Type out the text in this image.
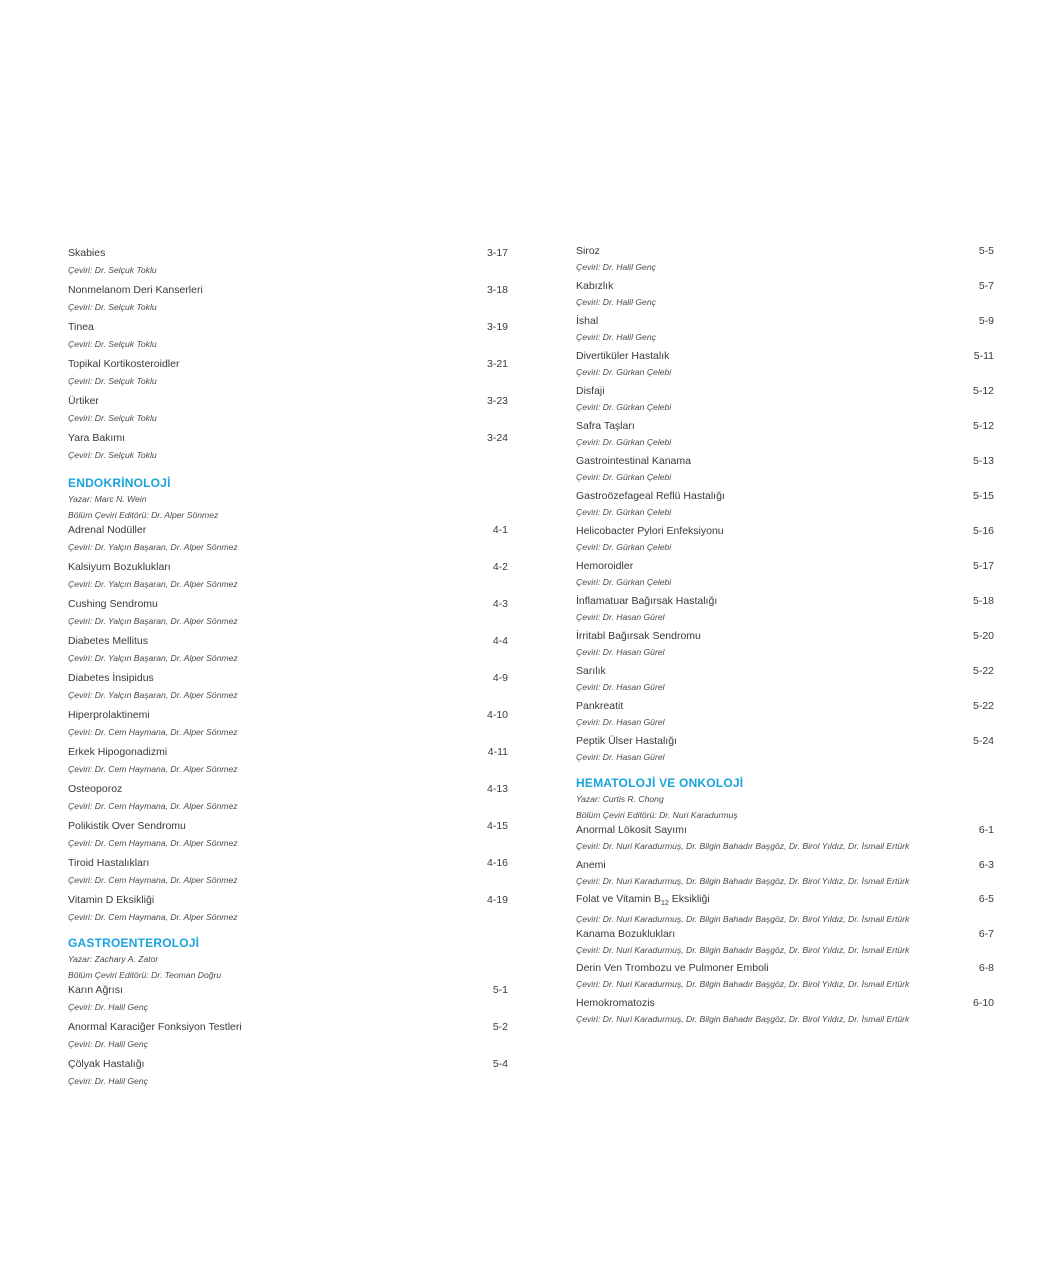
Skabies	3-17
Çeviri: Dr. Selçuk Toklu
Nonmelanom Deri Kanserleri	3-18
Çeviri: Dr. Selçuk Toklu
Tinea	3-19
Çeviri: Dr. Selçuk Toklu
Topikal Kortikosteroidler	3-21
Çeviri: Dr. Selçuk Toklu
Ürtiker	3-23
Çeviri: Dr. Selçuk Toklu
Yara Bakımı	3-24
Çeviri: Dr. Selçuk Toklu
ENDOKRİNOLOJİ
Yazar: Marc N. Wein
Bölüm Çeviri Editörü: Dr. Alper Sönmez
Adrenal Nodüller	4-1
Çeviri: Dr. Yalçın Başaran, Dr. Alper Sönmez
Kalsiyum Bozuklukları	4-2
Çeviri: Dr. Yalçın Başaran, Dr. Alper Sönmez
Cushing Sendromu	4-3
Çeviri: Dr. Yalçın Başaran, Dr. Alper Sönmez
Diabetes Mellitus	4-4
Çeviri: Dr. Yalçın Başaran, Dr. Alper Sönmez
Diabetes İnsipidus	4-9
Çeviri: Dr. Yalçın Başaran, Dr. Alper Sönmez
Hiperprolaktinemi	4-10
Çeviri: Dr. Cem Haymana, Dr. Alper Sönmez
Erkek Hipogonadizmi	4-11
Çeviri: Dr. Cem Haymana, Dr. Alper Sönmez
Osteoporoz	4-13
Çeviri: Dr. Cem Haymana, Dr. Alper Sönmez
Polikistik Over Sendromu	4-15
Çeviri: Dr. Cem Haymana, Dr. Alper Sönmez
Tiroid Hastalıkları	4-16
Çeviri: Dr. Cem Haymana, Dr. Alper Sönmez
Vitamin D Eksikliği	4-19
Çeviri: Dr. Cem Haymana, Dr. Alper Sönmez
GASTROENTEROLOJİ
Yazar: Zachary A. Zator
Bölüm Çeviri Editörü: Dr. Teoman Doğru
Karın Ağrısı	5-1
Çeviri: Dr. Halil Genç
Anormal Karaciğer Fonksiyon Testleri	5-2
Çeviri: Dr. Halil Genç
Çölyak Hastalığı	5-4
Çeviri: Dr. Halil Genç
Siroz	5-5
Çeviri: Dr. Halil Genç
Kabızlık	5-7
Çeviri: Dr. Halil Genç
İshal	5-9
Çeviri: Dr. Halil Genç
Divertiküler Hastalık	5-11
Çeviri: Dr. Gürkan Çelebi
Disfaji	5-12
Çeviri: Dr. Gürkan Çelebi
Safra Taşları	5-12
Çeviri: Dr. Gürkan Çelebi
Gastrointestinal Kanama	5-13
Çeviri: Dr. Gürkan Çelebi
Gastroözefageal Reflü Hastalığı	5-15
Çeviri: Dr. Gürkan Çelebi
Helicobacter Pylori Enfeksiyonu	5-16
Çeviri: Dr. Gürkan Çelebi
Hemoroidler	5-17
Çeviri: Dr. Gürkan Çelebi
İnflamatuar Bağırsak Hastalığı	5-18
Çeviri: Dr. Hasan Gürel
İrritabl Bağırsak Sendromu	5-20
Çeviri: Dr. Hasan Gürel
Sarılık	5-22
Çeviri: Dr. Hasan Gürel
Pankreatit	5-22
Çeviri: Dr. Hasan Gürel
Peptik Ülser Hastalığı	5-24
Çeviri: Dr. Hasan Gürel
HEMATOLOJİ VE ONKOLOJİ
Yazar: Curtis R. Chong
Bölüm Çeviri Editörü: Dr. Nuri Karadurmuş
Anormal Lökosit Sayımı	6-1
Çeviri: Dr. Nuri Karadurmuş, Dr. Bilgin Bahadır Başgöz, Dr. Birol Yıldız, Dr. İsmail Ertürk
Anemi	6-3
Çeviri: Dr. Nuri Karadurmuş, Dr. Bilgin Bahadır Başgöz, Dr. Birol Yıldız, Dr. İsmail Ertürk
Folat ve Vitamin $B_{12}$ Eksikliği	6-5
Çeviri: Dr. Nuri Karadurmuş, Dr. Bilgin Bahadır Başgöz, Dr. Birol Yıldız, Dr. İsmail Ertürk
Kanama Bozuklukları	6-7
Çeviri: Dr. Nuri Karadurmuş, Dr. Bilgin Bahadır Başgöz, Dr. Birol Yıldız, Dr. İsmail Ertürk
Derin Ven Trombozu ve Pulmoner Emboli	6-8
Çeviri: Dr. Nuri Karadurmuş, Dr. Bilgin Bahadır Başgöz, Dr. Birol Yıldız, Dr. İsmail Ertürk
Hemokromatozis	6-10
Çeviri: Dr. Nuri Karadurmuş, Dr. Bilgin Bahadır Başgöz, Dr. Birol Yıldız, Dr. İsmail Ertürk
